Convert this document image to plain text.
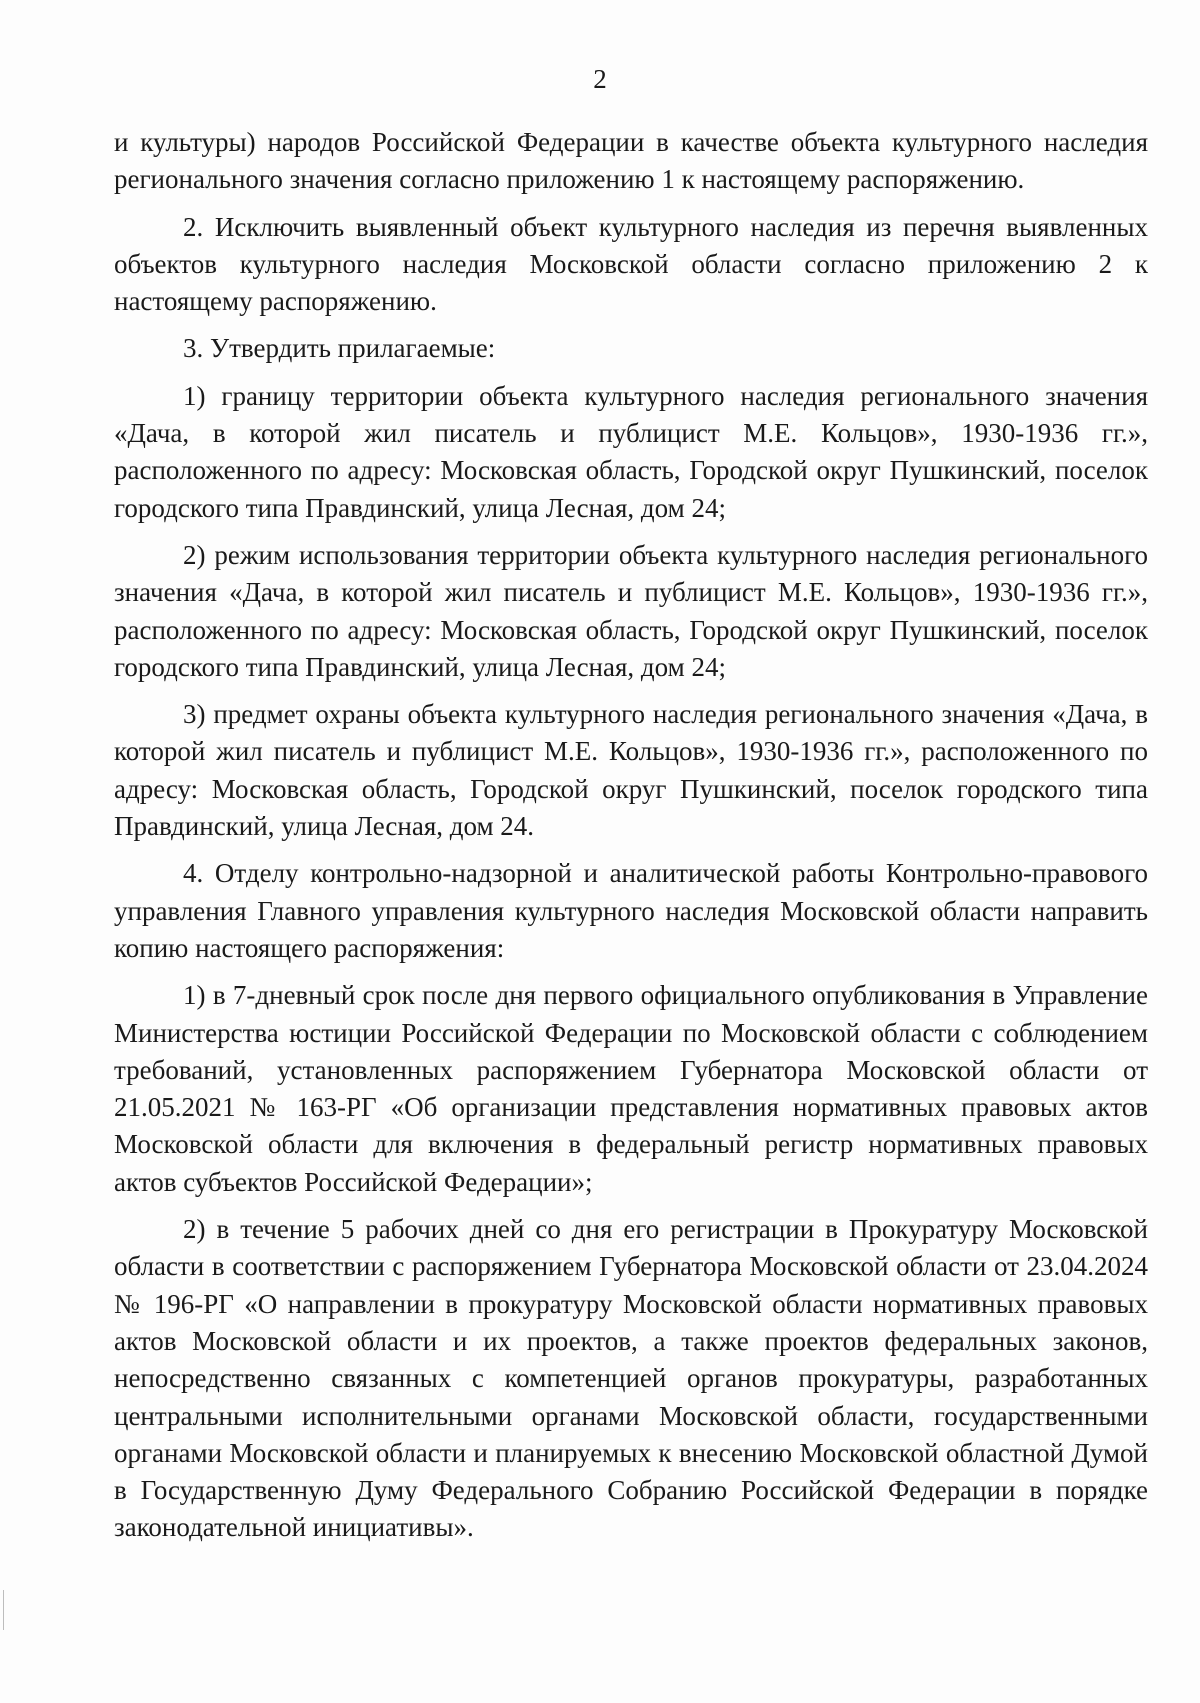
2

и культуры) народов Российской Федерации в качестве объекта культурного наследия регионального значения согласно приложению 1 к настоящему распоряжению.

2. Исключить выявленный объект культурного наследия из перечня выявленных объектов культурного наследия Московской области согласно приложению 2 к настоящему распоряжению.

3. Утвердить прилагаемые:

1) границу территории объекта культурного наследия регионального значения «Дача, в которой жил писатель и публицист М.Е. Кольцов», 1930-1936 гг.», расположенного по адресу: Московская область, Городской округ Пушкинский, поселок городского типа Правдинский, улица Лесная, дом 24;

2) режим использования территории объекта культурного наследия регионального значения «Дача, в которой жил писатель и публицист М.Е. Кольцов», 1930-1936 гг.», расположенного по адресу: Московская область, Городской округ Пушкинский, поселок городского типа Правдинский, улица Лесная, дом 24;

3) предмет охраны объекта культурного наследия регионального значения «Дача, в которой жил писатель и публицист М.Е. Кольцов», 1930-1936 гг.», расположенного по адресу: Московская область, Городской округ Пушкинский, поселок городского типа Правдинский, улица Лесная, дом 24.

4. Отделу контрольно-надзорной и аналитической работы Контрольно-правового управления Главного управления культурного наследия Московской области направить копию настоящего распоряжения:

1) в 7-дневный срок после дня первого официального опубликования в Управление Министерства юстиции Российской Федерации по Московской области с соблюдением требований, установленных распоряжением Губернатора Московской области от 21.05.2021 № 163-РГ «Об организации представления нормативных правовых актов Московской области для включения в федеральный регистр нормативных правовых актов субъектов Российской Федерации»;

2) в течение 5 рабочих дней со дня его регистрации в Прокуратуру Московской области в соответствии с распоряжением Губернатора Московской области от 23.04.2024 № 196-РГ «О направлении в прокуратуру Московской области нормативных правовых актов Московской области и их проектов, а также проектов федеральных законов, непосредственно связанных с компетенцией органов прокуратуры, разработанных центральными исполнительными органами Московской области, государственными органами Московской области и планируемых к внесению Московской областной Думой в Государственную Думу Федерального Собранию Российской Федерации в порядке законодательной инициативы».
